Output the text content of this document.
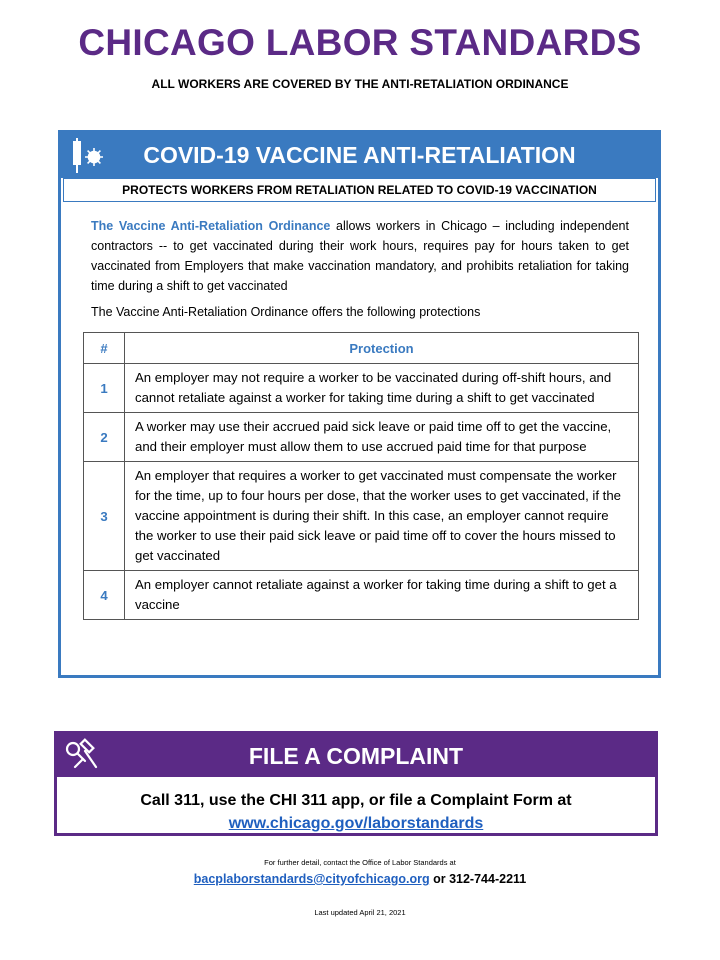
CHICAGO LABOR STANDARDS
ALL WORKERS ARE COVERED BY THE ANTI-RETALIATION ORDINANCE
COVID-19 VACCINE ANTI-RETALIATION
PROTECTS WORKERS FROM RETALIATION RELATED TO COVID-19 VACCINATION
The Vaccine Anti-Retaliation Ordinance allows workers in Chicago – including independent contractors -- to get vaccinated during their work hours, requires pay for hours taken to get vaccinated from Employers that make vaccination mandatory, and prohibits retaliation for taking time during a shift to get vaccinated
The Vaccine Anti-Retaliation Ordinance offers the following protections
#	Protection
1	An employer may not require a worker to be vaccinated during off-shift hours, and cannot retaliate against a worker for taking time during a shift to get vaccinated
2	A worker may use their accrued paid sick leave or paid time off to get the vaccine, and their employer must allow them to use accrued paid time for that purpose
3	An employer that requires a worker to get vaccinated must compensate the worker for the time, up to four hours per dose, that the worker uses to get vaccinated, if the vaccine appointment is during their shift. In this case, an employer cannot require the worker to use their paid sick leave or paid time off to cover the hours missed to get vaccinated
4	An employer cannot retaliate against a worker for taking time during a shift to get a vaccine
FILE A COMPLAINT
Call 311, use the CHI 311 app, or file a Complaint Form at
www.chicago.gov/laborstandards
For further detail, contact the Office of Labor Standards at
bacplaborstandards@cityofchicago.org or 312-744-2211
Last updated April 21, 2021
